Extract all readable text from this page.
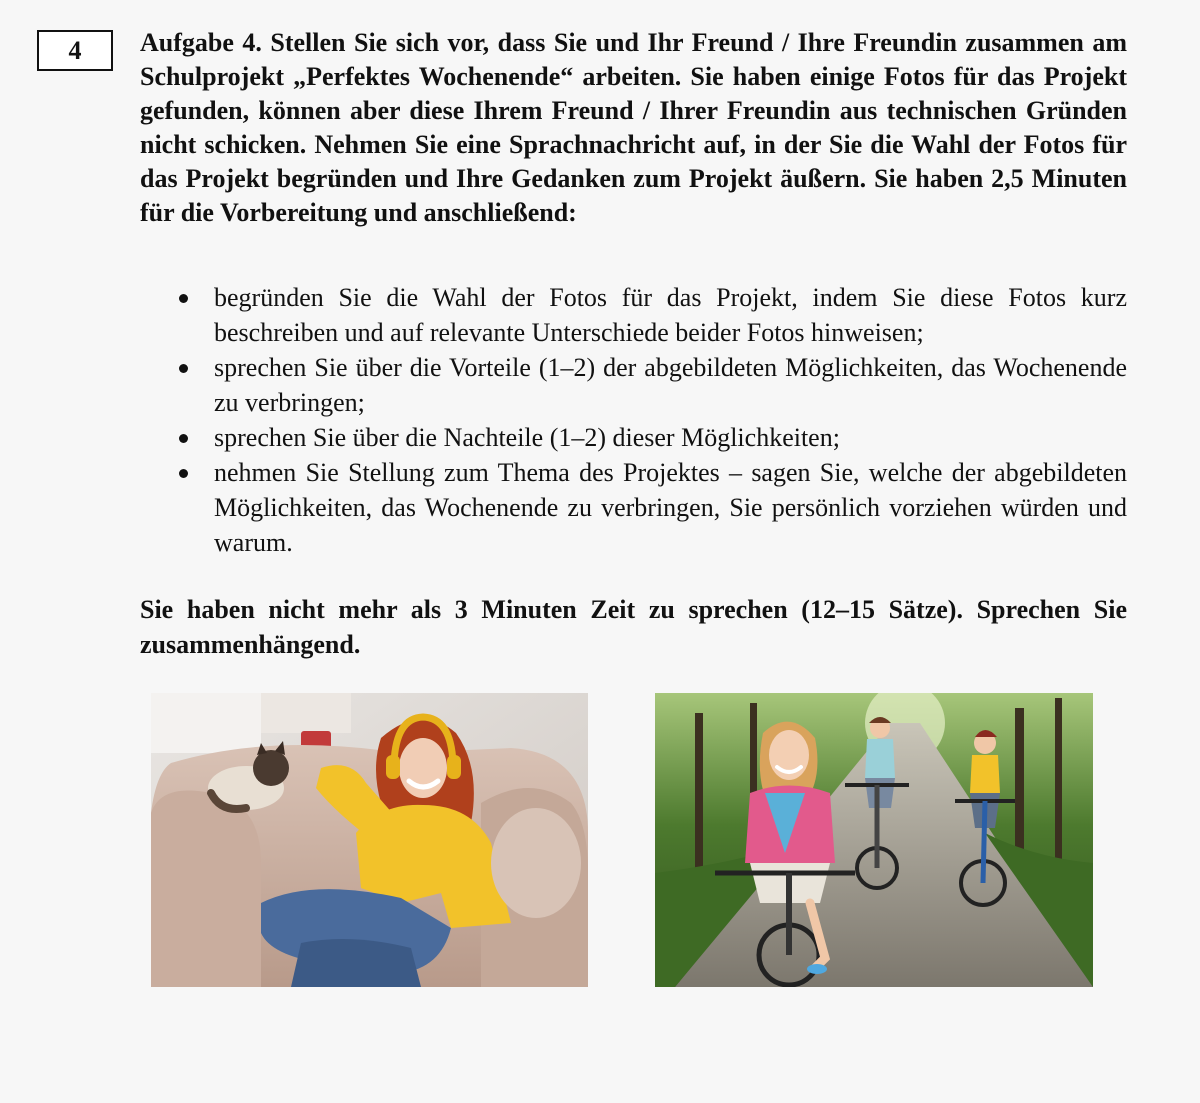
4 Aufgabe 4. Stellen Sie sich vor, dass Sie und Ihr Freund / Ihre Freundin zusammen am Schulprojekt „Perfektes Wochenende“ arbeiten. Sie haben einige Fotos für das Projekt gefunden, können aber diese Ihrem Freund / Ihrer Freundin aus technischen Gründen nicht schicken. Nehmen Sie eine Sprachnachricht auf, in der Sie die Wahl der Fotos für das Projekt begründen und Ihre Gedanken zum Projekt äußern. Sie haben 2,5 Minuten für die Vorbereitung und anschließend:

begründen Sie die Wahl der Fotos für das Projekt, indem Sie diese Fotos kurz beschreiben und auf relevante Unterschiede beider Fotos hinweisen;
sprechen Sie über die Vorteile (1–2) der abgebildeten Möglichkeiten, das Wochenende zu verbringen;
sprechen Sie über die Nachteile (1–2) dieser Möglichkeiten;
nehmen Sie Stellung zum Thema des Projektes – sagen Sie, welche der abgebildeten Möglichkeiten, das Wochenende zu verbringen, Sie persönlich vorziehen würden und warum.

Sie haben nicht mehr als 3 Minuten Zeit zu sprechen (12–15 Sätze). Sprechen Sie zusammenhängend.
